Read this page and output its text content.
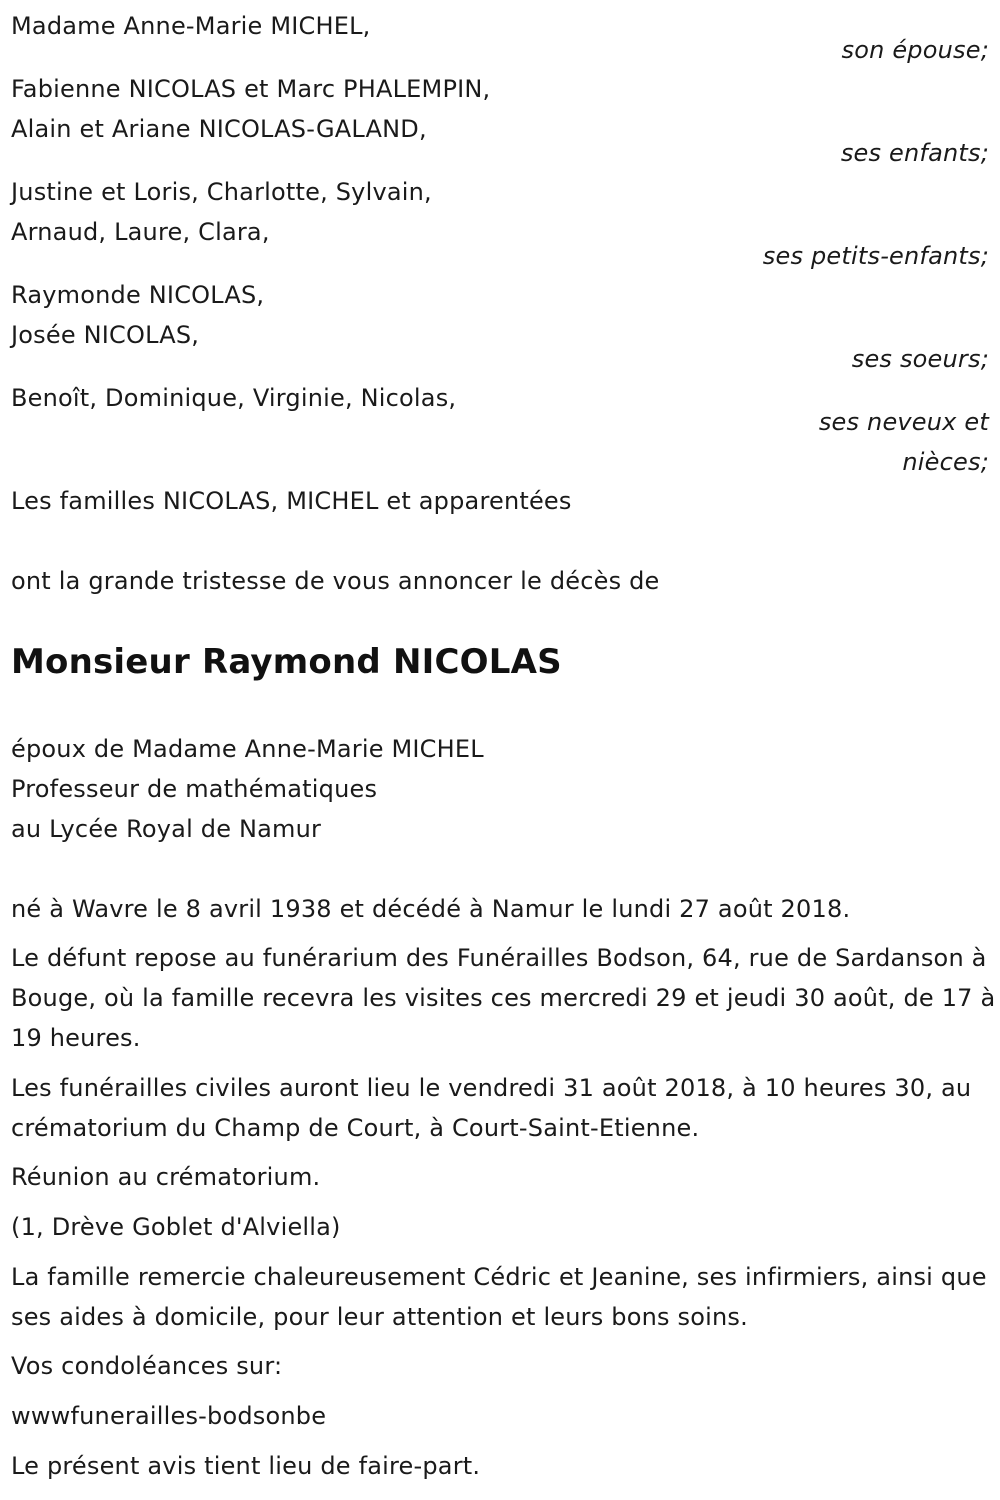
Madame Anne-Marie MICHEL,
son épouse;
Fabienne NICOLAS et Marc PHALEMPIN,
Alain et Ariane NICOLAS-GALAND,
ses enfants;
Justine et Loris, Charlotte, Sylvain,
Arnaud, Laure, Clara,
ses petits-enfants;
Raymonde NICOLAS,
Josée NICOLAS,
ses soeurs;
Benoît, Dominique, Virginie, Nicolas,
ses neveux et
nièces;
Les familles NICOLAS, MICHEL et apparentées
ont la grande tristesse de vous annoncer le décès de
Monsieur Raymond NICOLAS
époux de Madame Anne-Marie MICHEL
Professeur de mathématiques
au Lycée Royal de Namur
né à Wavre le 8 avril 1938 et décédé à Namur le lundi 27 août 2018.
Le défunt repose au funérarium des Funérailles Bodson, 64, rue de Sardanson à Bouge, où la famille recevra les visites ces mercredi 29 et jeudi 30 août, de 17 à 19 heures.
Les funérailles civiles auront lieu le vendredi 31 août 2018, à 10 heures 30, au crématorium du Champ de Court, à Court-Saint-Etienne.
Réunion au crématorium.
(1, Drève Goblet d'Alviella)
La famille remercie chaleureusement Cédric et Jeanine, ses infirmiers, ainsi que ses aides à domicile, pour leur attention et leurs bons soins.
Vos condoléances sur:
wwwfunerailles-bodsonbe
Le présent avis tient lieu de faire-part.
